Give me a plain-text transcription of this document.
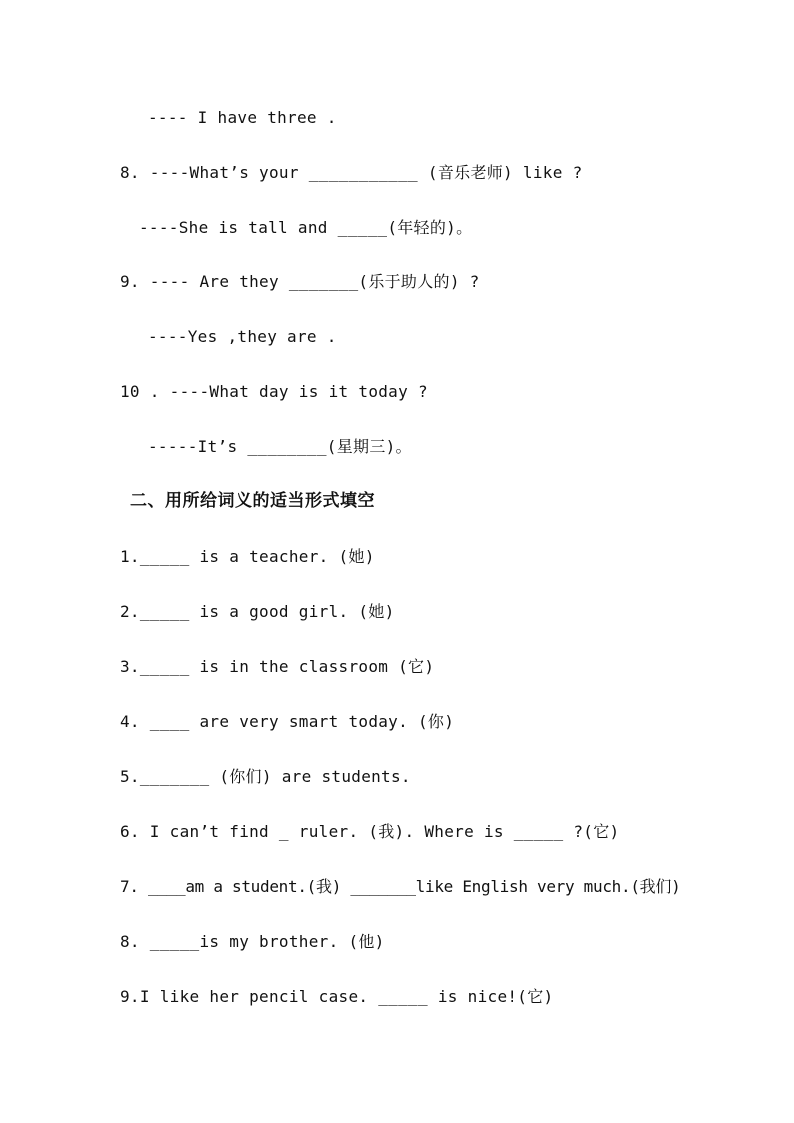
---- I have three .
8. ----What’s your ___________ (音乐老师) like ?
----She is tall and _____(年轻的)。
9. ---- Are they _______(乐于助人的) ?
----Yes ,they are .
10 . ----What day is it today ?
-----It’s ________(星期三)。
二、用所给词义的适当形式填空
1._____ is a teacher. (她)
2._____ is a good girl. (她)
3._____ is in the classroom (它)
4. ____ are very smart today. (你)
5._______ (你们) are students.
6. I can’t find _ ruler. (我). Where is _____ ?(它)
7. ____am a student.(我) _______like English very much.(我们)
8. _____is my brother. (他)
9.I like her pencil case. _____ is nice!(它)
